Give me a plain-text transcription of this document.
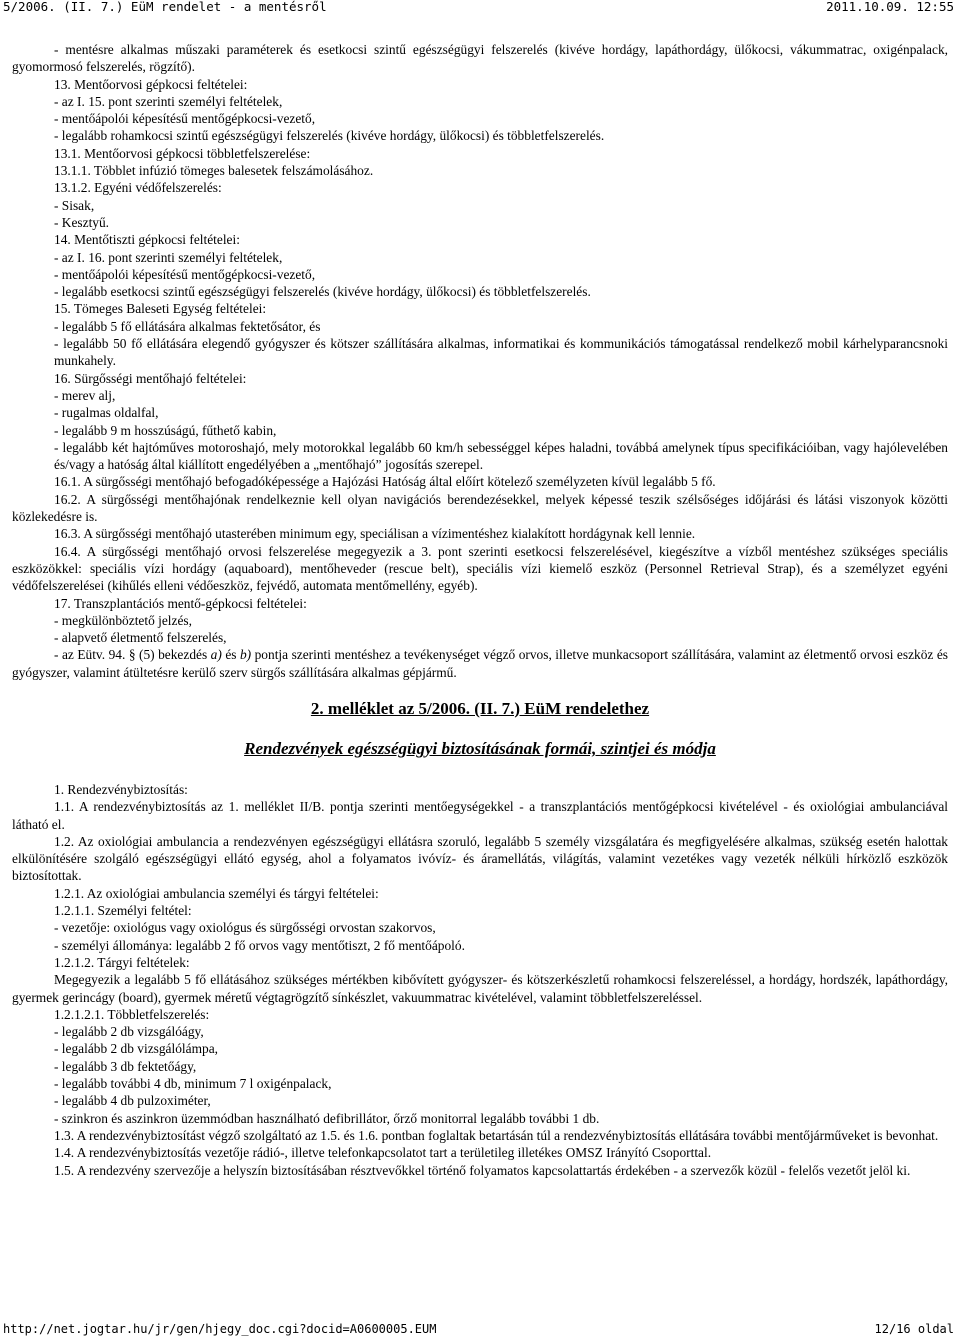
5/2006. (II. 7.) EüM rendelet - a mentésről	2011.10.09. 12:55

- mentésre alkalmas műszaki paraméterek és esetkocsi szintű egészségügyi felszerelés (kivéve hordágy, lapáthordágy, ülőkocsi, vákummatrac, oxigénpalack, gyomormosó felszerelés, rögzítő).

13. Mentőorvosi gépkocsi feltételei:

- az I. 15. pont szerinti személyi feltételek,

- mentőápolói képesítésű mentőgépkocsi-vezető,

- legalább rohamkocsi szintű egészségügyi felszerelés (kivéve hordágy, ülőkocsi) és többletfelszerelés.

13.1. Mentőorvosi gépkocsi többletfelszerelése:

13.1.1. Többlet infúzió tömeges balesetek felszámolásához.

13.1.2. Egyéni védőfelszerelés:

- Sisak,

- Kesztyű.

14. Mentőtiszti gépkocsi feltételei:

- az I. 16. pont szerinti személyi feltételek,

- mentőápolói képesítésű mentőgépkocsi-vezető,

- legalább esetkocsi szintű egészségügyi felszerelés (kivéve hordágy, ülőkocsi) és többletfelszerelés.

15. Tömeges Baleseti Egység feltételei:

- legalább 5 fő ellátására alkalmas fektetősátor, és

- legalább 50 fő ellátására elegendő gyógyszer és kötszer szállítására alkalmas, informatikai és kommunikációs támogatással rendelkező mobil kárhelyparancsnoki munkahely.

16. Sürgősségi mentőhajó feltételei:

- merev alj,

- rugalmas oldalfal,

- legalább 9 m hosszúságú, fűthető kabin,

- legalább két hajtóműves motoroshajó, mely motorokkal legalább 60 km/h sebességgel képes haladni, továbbá amelynek típus specifikációiban, vagy hajólevelében és/vagy a hatóság által kiállított engedélyében a „mentőhajó” jogosítás szerepel.

16.1. A sürgősségi mentőhajó befogadóképessége a Hajózási Hatóság által előírt kötelező személyzeten kívül legalább 5 fő.

16.2. A sürgősségi mentőhajónak rendelkeznie kell olyan navigációs berendezésekkel, melyek képessé teszik szélsőséges időjárási és látási viszonyok közötti közlekedésre is.

16.3. A sürgősségi mentőhajó utasterében minimum egy, speciálisan a vízimentéshez kialakított hordágynak kell lennie.

16.4. A sürgősségi mentőhajó orvosi felszerelése megegyezik a 3. pont szerinti esetkocsi felszerelésével, kiegészítve a vízből mentéshez szükséges speciális eszközökkel: speciális vízi hordágy (aquaboard), mentőheveder (rescue belt), speciális vízi kiemelő eszköz (Personnel Retrieval Strap), és a személyzet egyéni védőfelszerelései (kihűlés elleni védőeszköz, fejvédő, automata mentőmellény, egyéb).

17. Transzplantációs mentő-gépkocsi feltételei:

- megkülönböztető jelzés,

- alapvető életmentő felszerelés,

- az Eütv. 94. § (5) bekezdés a) és b) pontja szerinti mentéshez a tevékenységet végző orvos, illetve munkacsoport szállítására, valamint az életmentő orvosi eszköz és gyógyszer, valamint átültetésre kerülő szerv sürgős szállítására alkalmas gépjármű.

2. melléklet az 5/2006. (II. 7.) EüM rendelethez

Rendezvények egészségügyi biztosításának formái, szintjei és módja

1. Rendezvénybiztosítás:

1.1. A rendezvénybiztosítás az 1. melléklet II/B. pontja szerinti mentőegységekkel - a transzplantációs mentőgépkocsi kivételével - és oxiológiai ambulanciával látható el.

1.2. Az oxiológiai ambulancia a rendezvényen egészségügyi ellátásra szoruló, legalább 5 személy vizsgálatára és megfigyelésére alkalmas, szükség esetén halottak elkülönítésére szolgáló egészségügyi ellátó egység, ahol a folyamatos ivóvíz- és áramellátás, világítás, valamint vezetékes vagy vezeték nélküli hírközlő eszközök biztosítottak.

1.2.1. Az oxiológiai ambulancia személyi és tárgyi feltételei:

1.2.1.1. Személyi feltétel:

- vezetője: oxiológus vagy oxiológus és sürgősségi orvostan szakorvos,

- személyi állománya: legalább 2 fő orvos vagy mentőtiszt, 2 fő mentőápoló.

1.2.1.2. Tárgyi feltételek:

Megegyezik a legalább 5 fő ellátásához szükséges mértékben kibővített gyógyszer- és kötszerkészletű rohamkocsi felszereléssel, a hordágy, hordszék, lapáthordágy, gyermek gerincágy (board), gyermek méretű végtagrögzítő sínkészlet, vakuummatrac kivételével, valamint többletfelszereléssel.

1.2.1.2.1. Többletfelszerelés:

- legalább 2 db vizsgálóágy,

- legalább 2 db vizsgálólámpa,

- legalább 3 db fektetőágy,

- legalább további 4 db, minimum 7 l oxigénpalack,

- legalább 4 db pulzoximéter,

- szinkron és aszinkron üzemmódban használható defibrillátor, őrző monitorral legalább további 1 db.

1.3. A rendezvénybiztosítást végző szolgáltató az 1.5. és 1.6. pontban foglaltak betartásán túl a rendezvénybiztosítás ellátására további mentőjárműveket is bevonhat.

1.4. A rendezvénybiztosítás vezetője rádió-, illetve telefonkapcsolatot tart a területileg illetékes OMSZ Irányító Csoporttal.

1.5. A rendezvény szervezője a helyszín biztosításában résztvevőkkel történő folyamatos kapcsolattartás érdekében - a szervezők közül - felelős vezetőt jelöl ki.

http://net.jogtar.hu/jr/gen/hjegy_doc.cgi?docid=A0600005.EUM	12/16 oldal
